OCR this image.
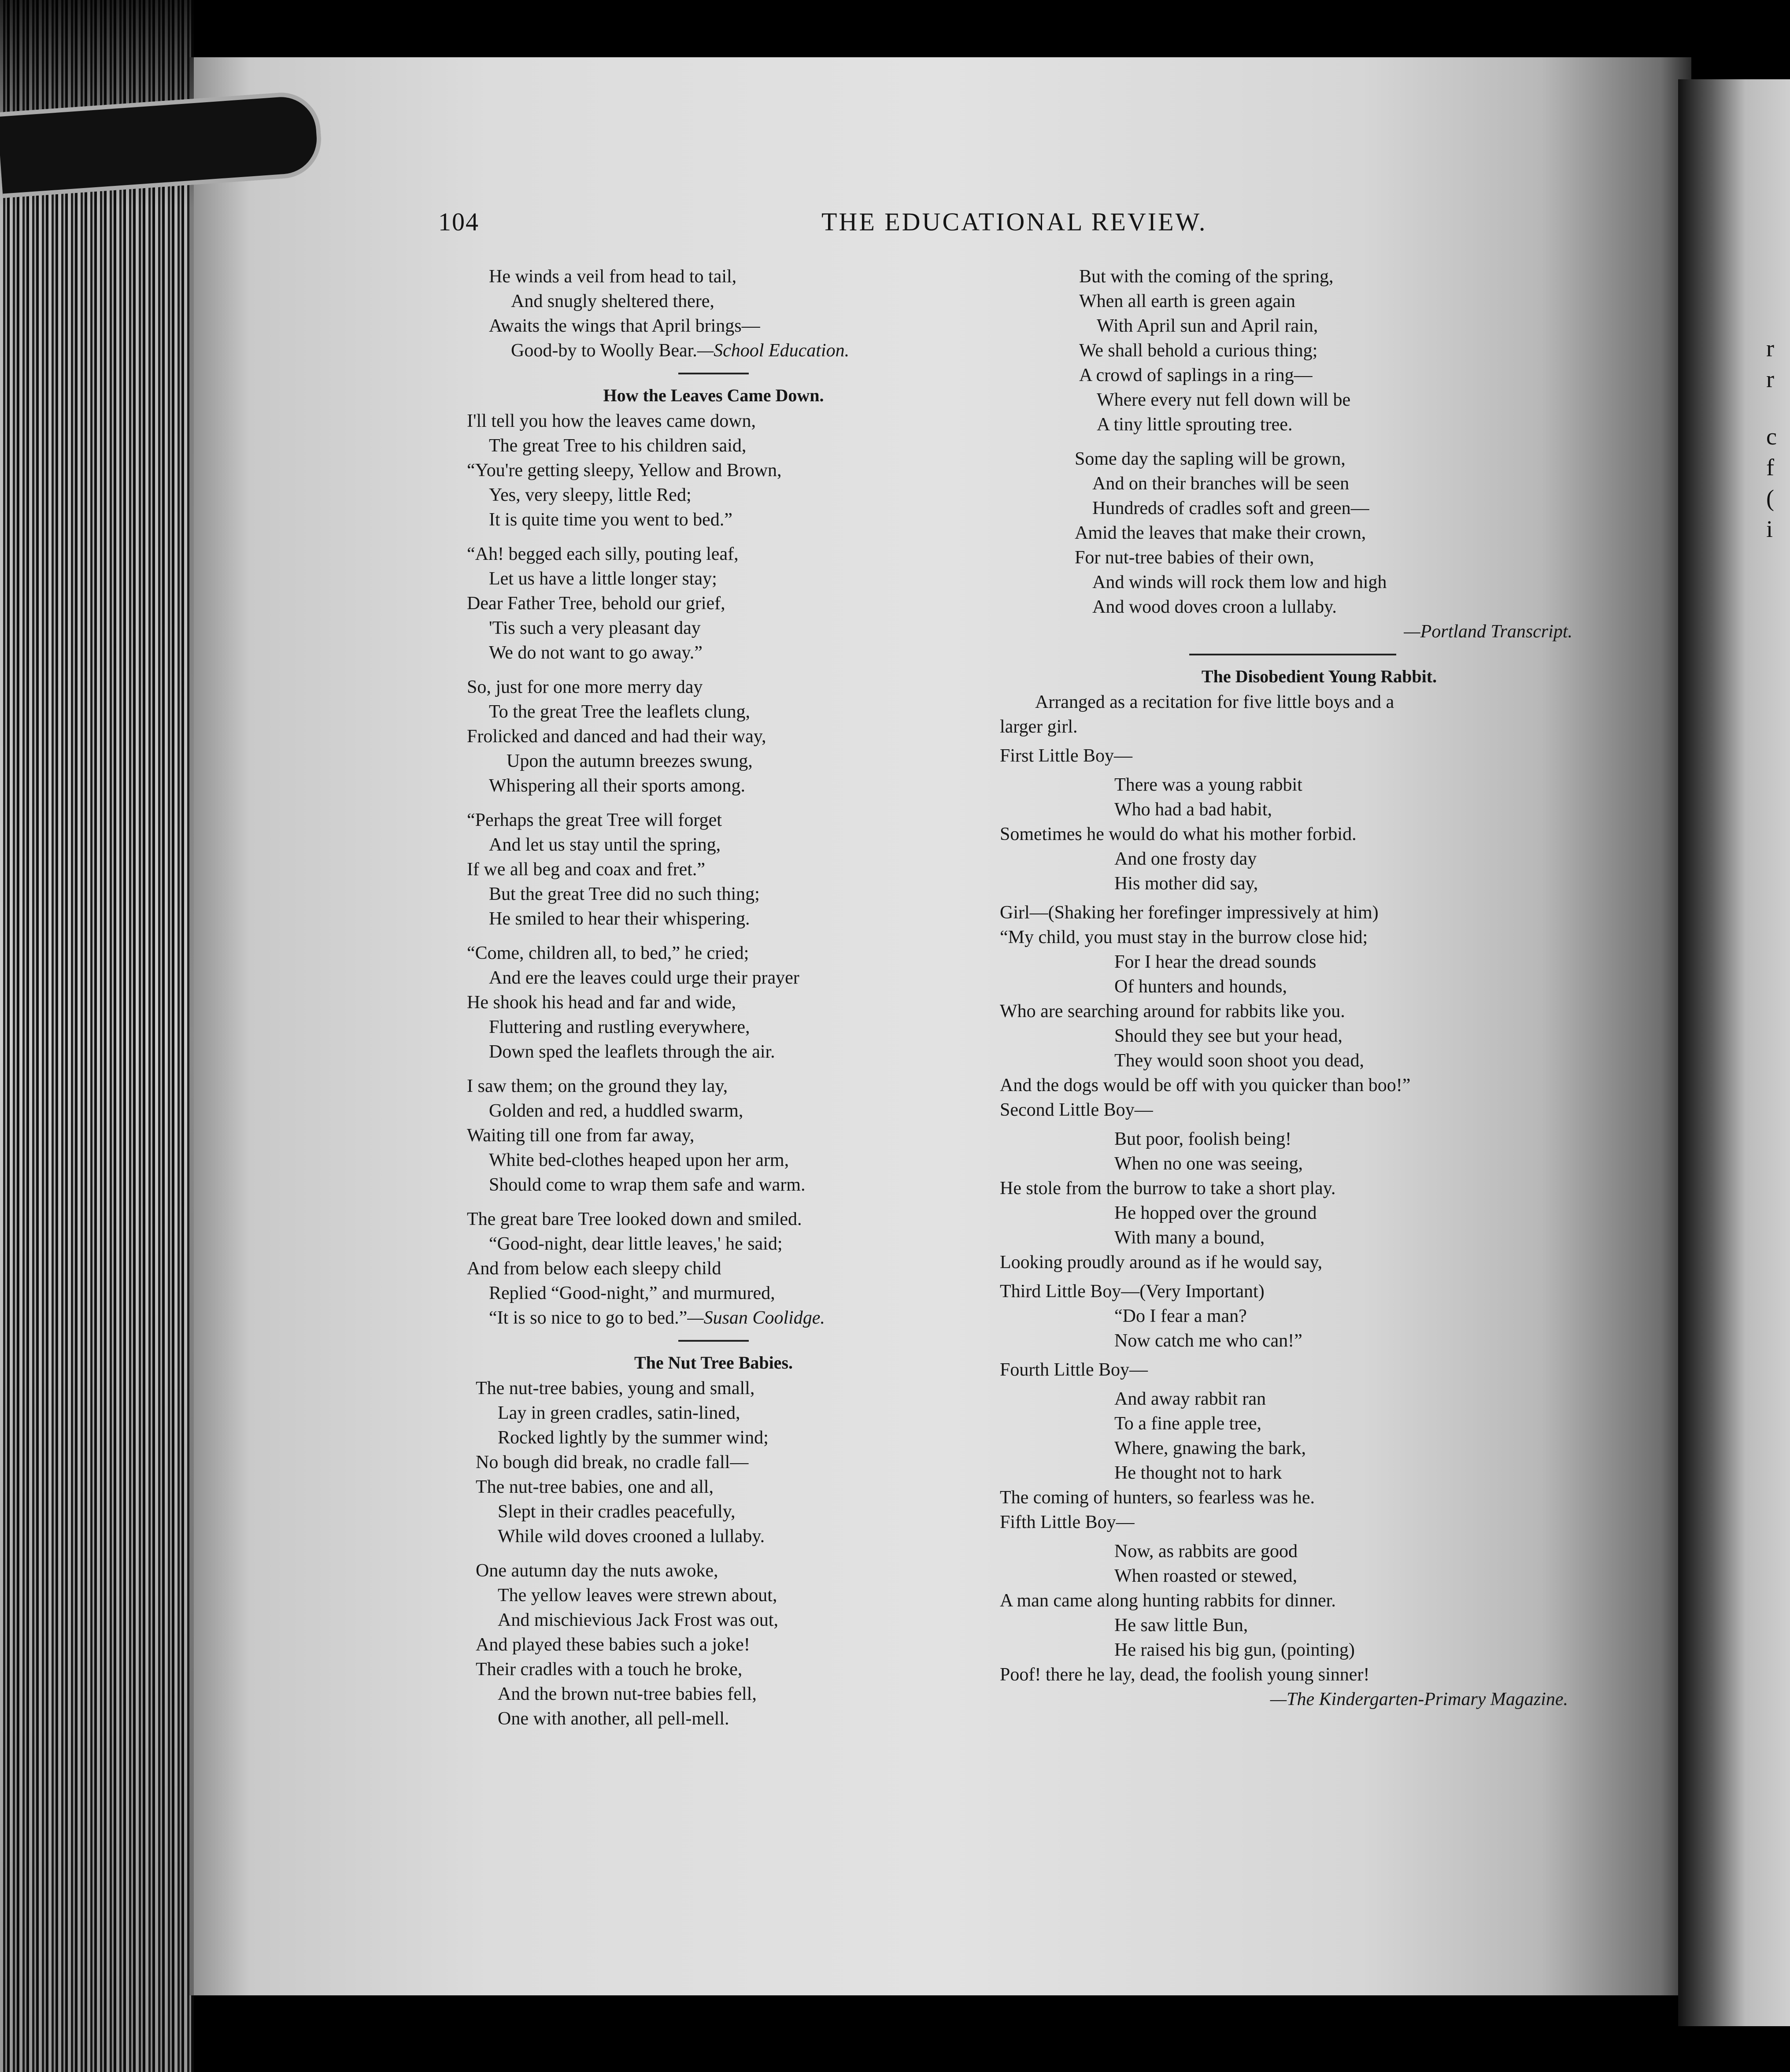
r
r
c
f
(
i
104	THE EDUCATIONAL REVIEW.
He winds a veil from head to tail,
And snugly sheltered there,
Awaits the wings that April brings—
Good-by to Woolly Bear.—School Education.
How the Leaves Came Down.
I'll tell you how the leaves came down,
The great Tree to his children said,
“You're getting sleepy, Yellow and Brown,
Yes, very sleepy, little Red;
It is quite time you went to bed.”
“Ah! begged each silly, pouting leaf,
Let us have a little longer stay;
Dear Father Tree, behold our grief,
'Tis such a very pleasant day
We do not want to go away.”
So, just for one more merry day
To the great Tree the leaflets clung,
Frolicked and danced and had their way,
Upon the autumn breezes swung,
Whispering all their sports among.
“Perhaps the great Tree will forget
And let us stay until the spring,
If we all beg and coax and fret.”
But the great Tree did no such thing;
He smiled to hear their whispering.
“Come, children all, to bed,” he cried;
And ere the leaves could urge their prayer
He shook his head and far and wide,
Fluttering and rustling everywhere,
Down sped the leaflets through the air.
I saw them; on the ground they lay,
Golden and red, a huddled swarm,
Waiting till one from far away,
White bed-clothes heaped upon her arm,
Should come to wrap them safe and warm.
The great bare Tree looked down and smiled.
“Good-night, dear little leaves,' he said;
And from below each sleepy child
Replied “Good-night,” and murmured,
“It is so nice to go to bed.”—Susan Coolidge.
The Nut Tree Babies.
The nut-tree babies, young and small,
Lay in green cradles, satin-lined,
Rocked lightly by the summer wind;
No bough did break, no cradle fall—
The nut-tree babies, one and all,
Slept in their cradles peacefully,
While wild doves crooned a lullaby.
One autumn day the nuts awoke,
The yellow leaves were strewn about,
And mischievious Jack Frost was out,
And played these babies such a joke!
Their cradles with a touch he broke,
And the brown nut-tree babies fell,
One with another, all pell-mell.
But with the coming of the spring,
When all earth is green again
With April sun and April rain,
We shall behold a curious thing;
A crowd of saplings in a ring—
Where every nut fell down will be
A tiny little sprouting tree.
Some day the sapling will be grown,
And on their branches will be seen
Hundreds of cradles soft and green—
Amid the leaves that make their crown,
For nut-tree babies of their own,
And winds will rock them low and high
And wood doves croon a lullaby.
—Portland Transcript.
The Disobedient Young Rabbit.
Arranged as a recitation for five little boys and a
larger girl.
First Little Boy—
There was a young rabbit
Who had a bad habit,
Sometimes he would do what his mother forbid.
And one frosty day
His mother did say,
Girl—(Shaking her forefinger impressively at him)
“My child, you must stay in the burrow close hid;
For I hear the dread sounds
Of hunters and hounds,
Who are searching around for rabbits like you.
Should they see but your head,
They would soon shoot you dead,
And the dogs would be off with you quicker than boo!”
Second Little Boy—
But poor, foolish being!
When no one was seeing,
He stole from the burrow to take a short play.
He hopped over the ground
With many a bound,
Looking proudly around as if he would say,
Third Little Boy—(Very Important)
“Do I fear a man?
Now catch me who can!”
Fourth Little Boy—
And away rabbit ran
To a fine apple tree,
Where, gnawing the bark,
He thought not to hark
The coming of hunters, so fearless was he.
Fifth Little Boy—
Now, as rabbits are good
When roasted or stewed,
A man came along hunting rabbits for dinner.
He saw little Bun,
He raised his big gun, (pointing)
Poof! there he lay, dead, the foolish young sinner!
—The Kindergarten-Primary Magazine.
